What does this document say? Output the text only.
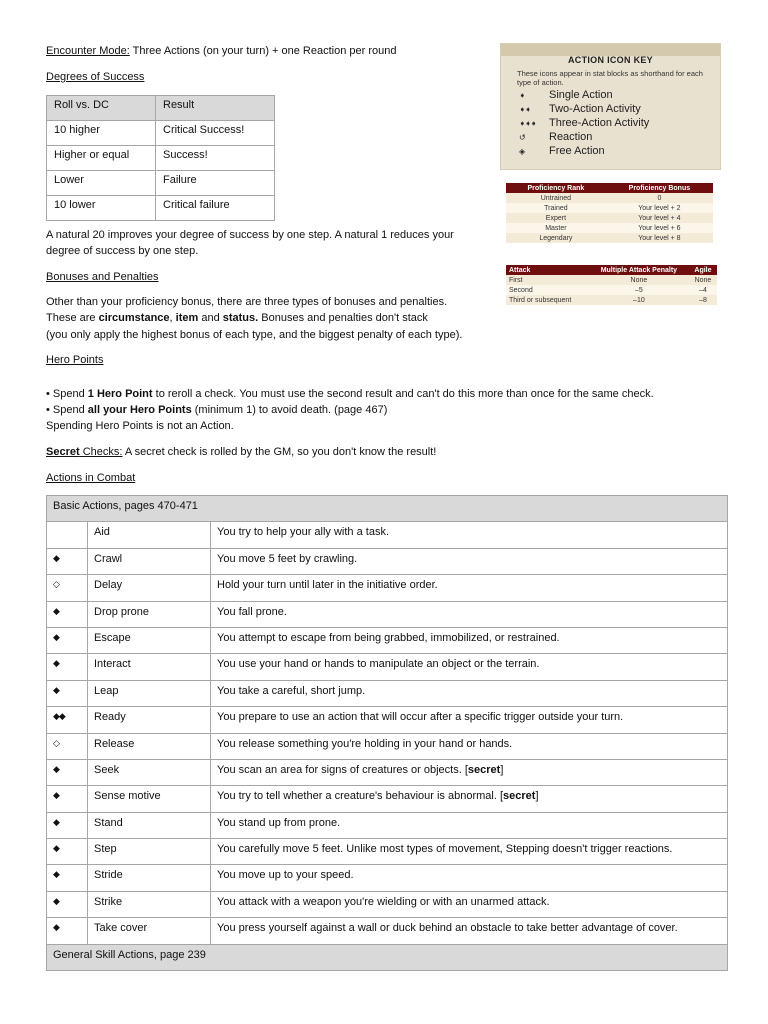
Encounter Mode: Three Actions (on your turn) + one Reaction per round
Degrees of Success
Roll vs. DC	Result
10 higher	Critical Success!
Higher or equal	Success!
Lower	Failure
10 lower	Critical failure
A natural 20 improves your degree of success by one step. A natural 1 reduces your
degree of success by one step.
Bonuses and Penalties
Other than your proficiency bonus, there are three types of bonuses and penalties.
These are circumstance, item and status. Bonuses and penalties don't stack
(you only apply the highest bonus of each type, and the biggest penalty of each type).
Hero Points
• Spend 1 Hero Point to reroll a check. You must use the second result and can't do this more than once for the same check.
• Spend all your Hero Points (minimum 1) to avoid death. (page 467)
Spending Hero Points is not an Action.
Secret Checks: A secret check is rolled by the GM, so you don't know the result!
Actions in Combat
Basic Actions, pages 470-471		
	Aid	You try to help your ally with a task.
◆	Crawl	You move 5 feet by crawling.
◇	Delay	Hold your turn until later in the initiative order.
◆	Drop prone	You fall prone.
◆	Escape	You attempt to escape from being grabbed, immobilized, or restrained.
◆	Interact	You use your hand or hands to manipulate an object or the terrain.
◆	Leap	You take a careful, short jump.
◆◆	Ready	You prepare to use an action that will occur after a specific trigger outside your turn.
◇	Release	You release something you're holding in your hand or hands.
◆	Seek	You scan an area for signs of creatures or objects. [secret]
◆	Sense motive	You try to tell whether a creature's behaviour is abnormal. [secret]
◆	Stand	You stand up from prone.
◆	Step	You carefully move 5 feet. Unlike most types of movement, Stepping doesn't trigger reactions.
◆	Stride	You move up to your speed.
◆	Strike	You attack with a weapon you're wielding or with an unarmed attack.
◆	Take cover	You press yourself against a wall or duck behind an obstacle to take better advantage of cover.
General Skill Actions, page 239		
ACTION ICON KEY
These icons appear in stat blocks as shorthand for each type of action.
➧ Single Action
➧➧ Two-Action Activity
➧➧➧ Three-Action Activity
↺ Reaction
◈ Free Action
Proficiency Rank	Proficiency Bonus
Untrained	0
Trained	Your level + 2
Expert	Your level + 4
Master	Your level + 6
Legendary	Your level + 8
Attack	Multiple Attack Penalty	Agile
First	None	None
Second	–5	–4
Third or subsequent	–10	–8
